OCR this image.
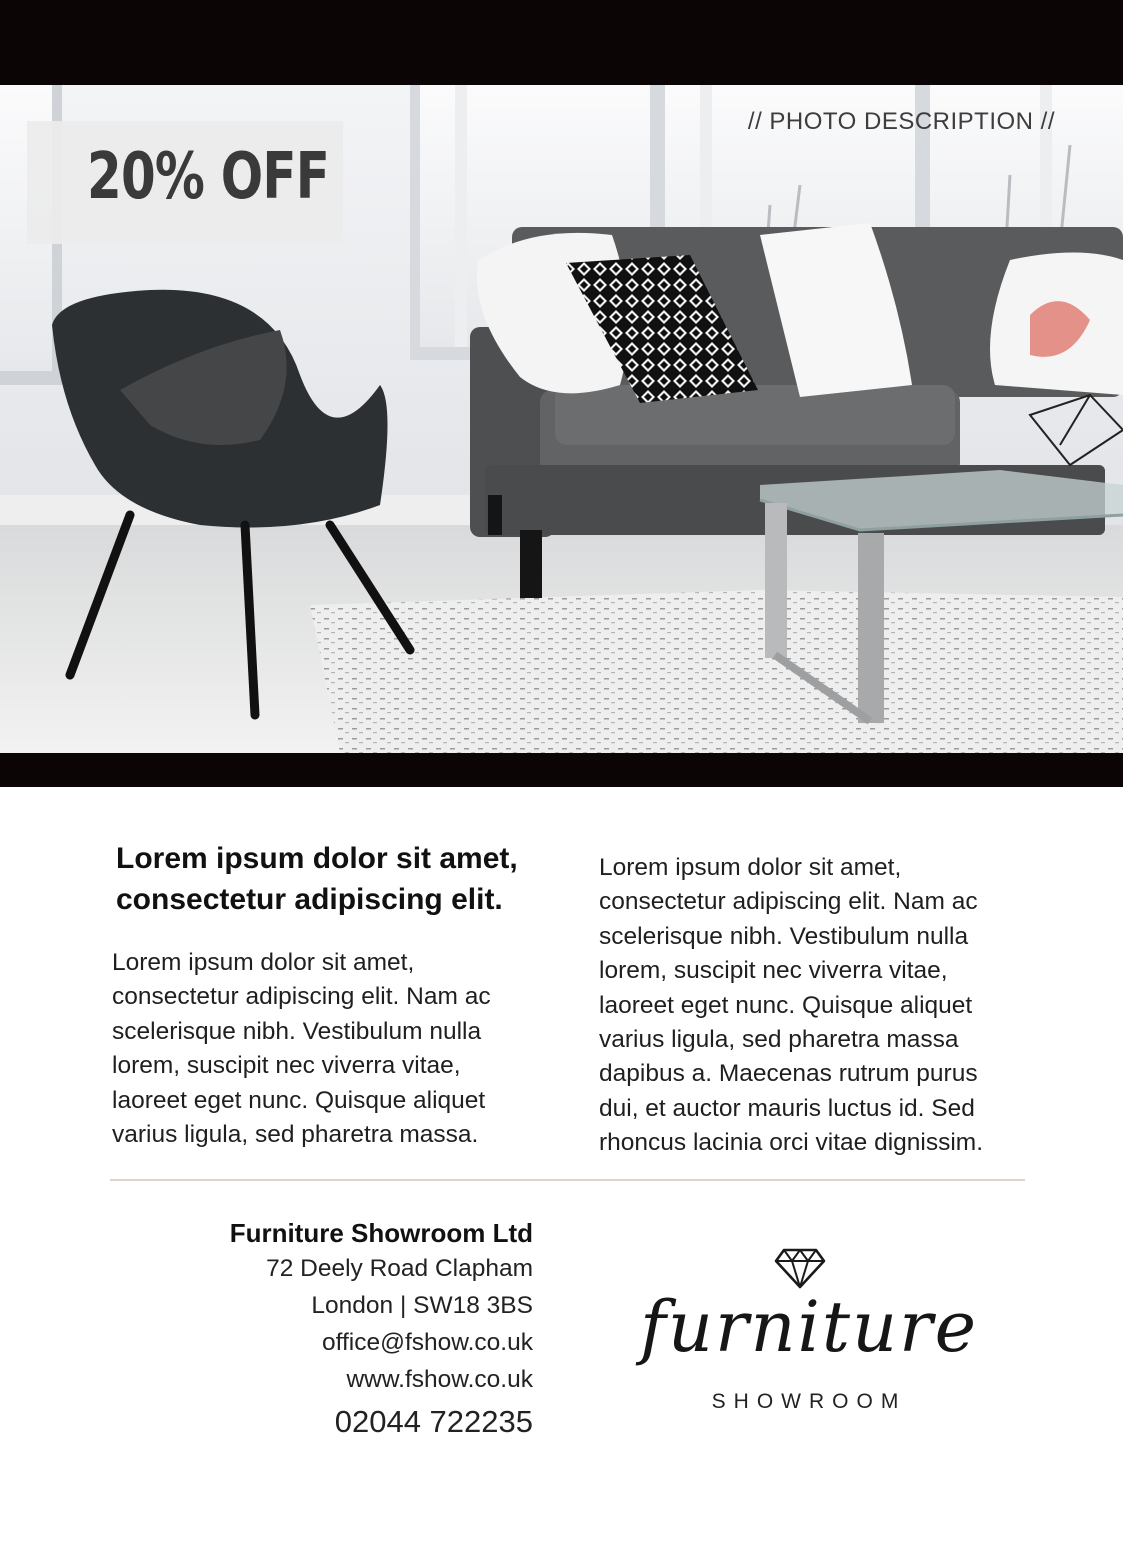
20% OFF
// PHOTO DESCRIPTION //
Lorem ipsum dolor sit amet,
consectetur adipiscing elit.
Lorem ipsum dolor sit amet,
consectetur adipiscing elit. Nam ac
scelerisque nibh. Vestibulum nulla
lorem, suscipit nec viverra vitae,
laoreet eget nunc. Quisque aliquet
varius ligula, sed pharetra massa.
Lorem ipsum dolor sit amet,
consectetur adipiscing elit. Nam ac
scelerisque nibh. Vestibulum nulla
lorem, suscipit nec viverra vitae,
laoreet eget nunc. Quisque aliquet
varius ligula, sed pharetra massa
dapibus a. Maecenas rutrum purus
dui, et auctor mauris luctus id. Sed
rhoncus lacinia orci vitae dignissim.
Furniture Showroom Ltd
72 Deely Road Clapham
London | SW18 3BS
office@fshow.co.uk
www.fshow.co.uk
02044 722235
furniture
SHOWROOM
